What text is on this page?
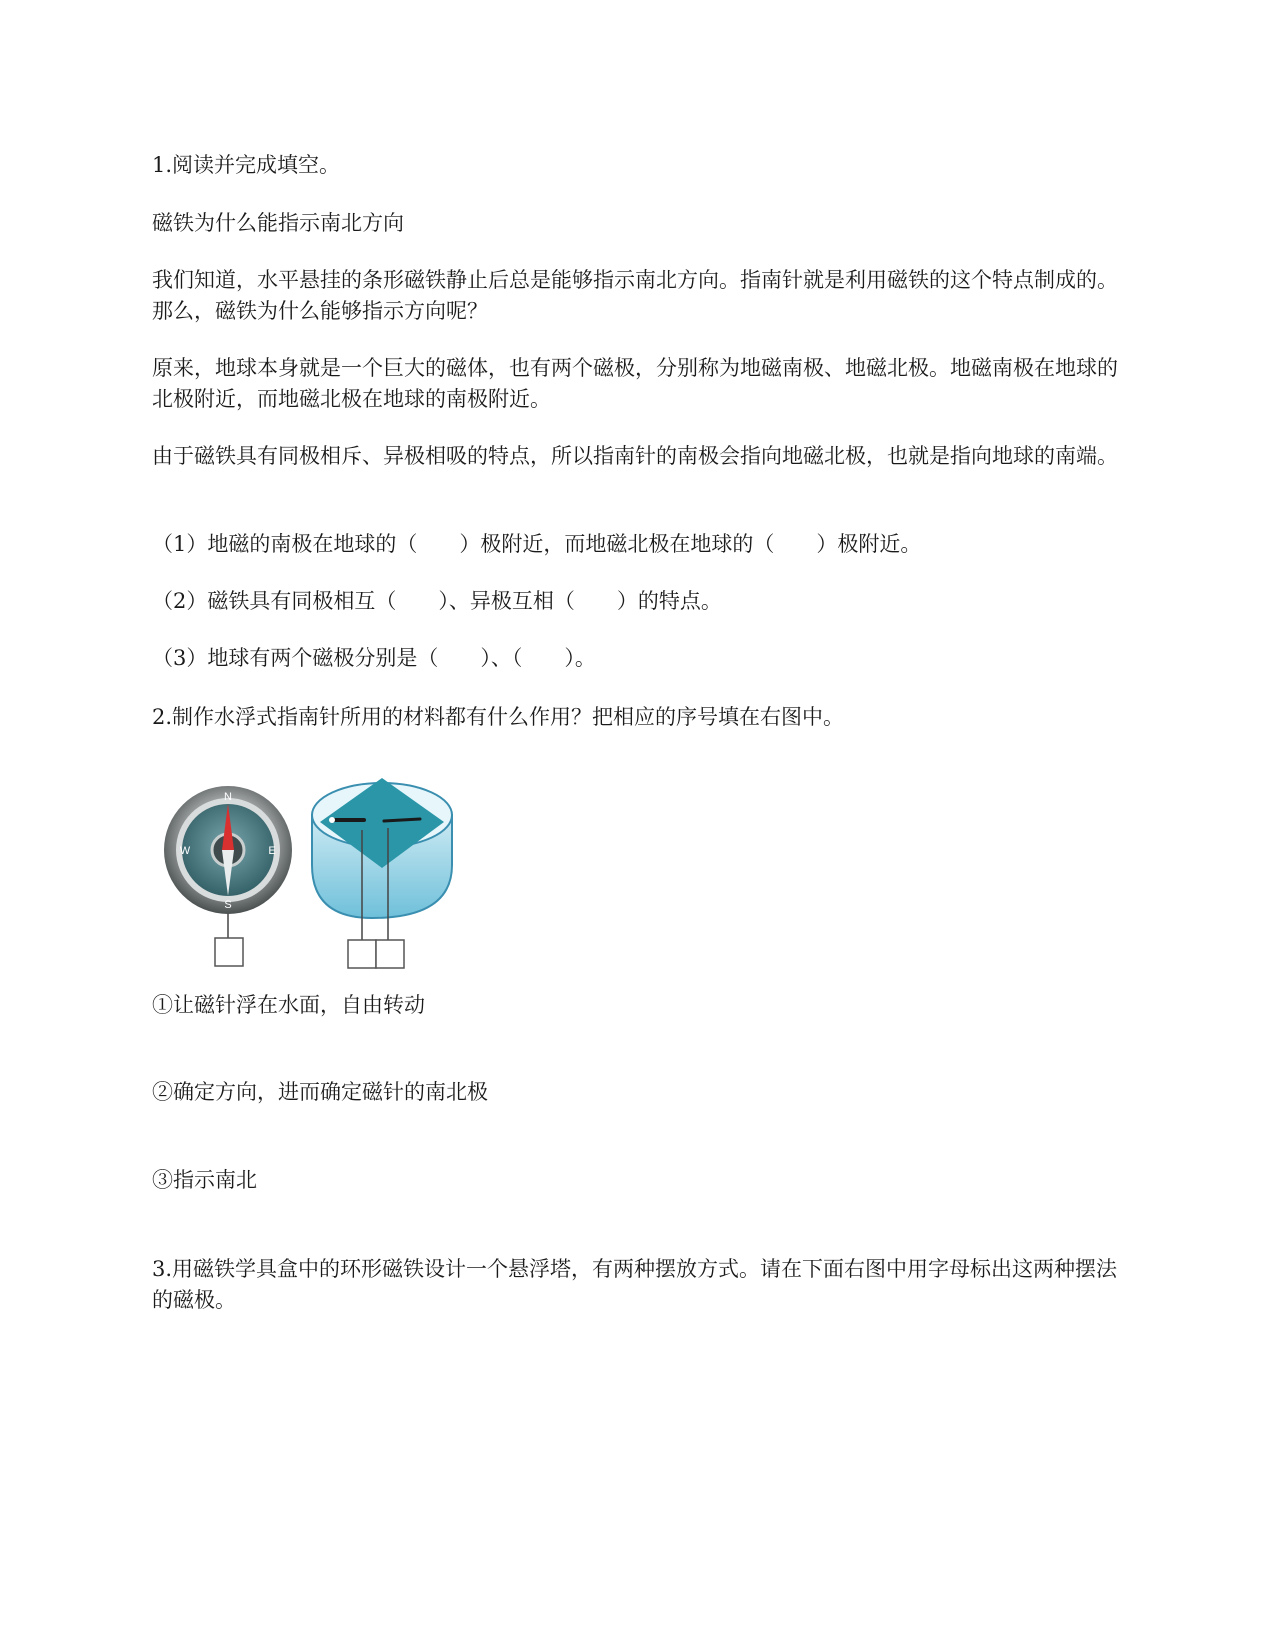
1.阅读并完成填空。

磁铁为什么能指示南北方向

我们知道，水平悬挂的条形磁铁静止后总是能够指示南北方向。指南针就是利用磁铁的这个特点制成的。那么，磁铁为什么能够指示方向呢？

原来，地球本身就是一个巨大的磁体，也有两个磁极，分别称为地磁南极、地磁北极。地磁南极在地球的北极附近，而地磁北极在地球的南极附近。

由于磁铁具有同极相斥、异极相吸的特点，所以指南针的南极会指向地磁北极，也就是指向地球的南端。

（1）地磁的南极在地球的（　　）极附近，而地磁北极在地球的（　　）极附近。

（2）磁铁具有同极相互（　　）、异极互相（　　）的特点。

（3）地球有两个磁极分别是（　　）、（　　）。

2.制作水浮式指南针所用的材料都有什么作用？把相应的序号填在右图中。

N
S
E
W

①让磁针浮在水面，自由转动

②确定方向，进而确定磁针的南北极

③指示南北

3.用磁铁学具盒中的环形磁铁设计一个悬浮塔，有两种摆放方式。请在下面右图中用字母标出这两种摆法的磁极。
